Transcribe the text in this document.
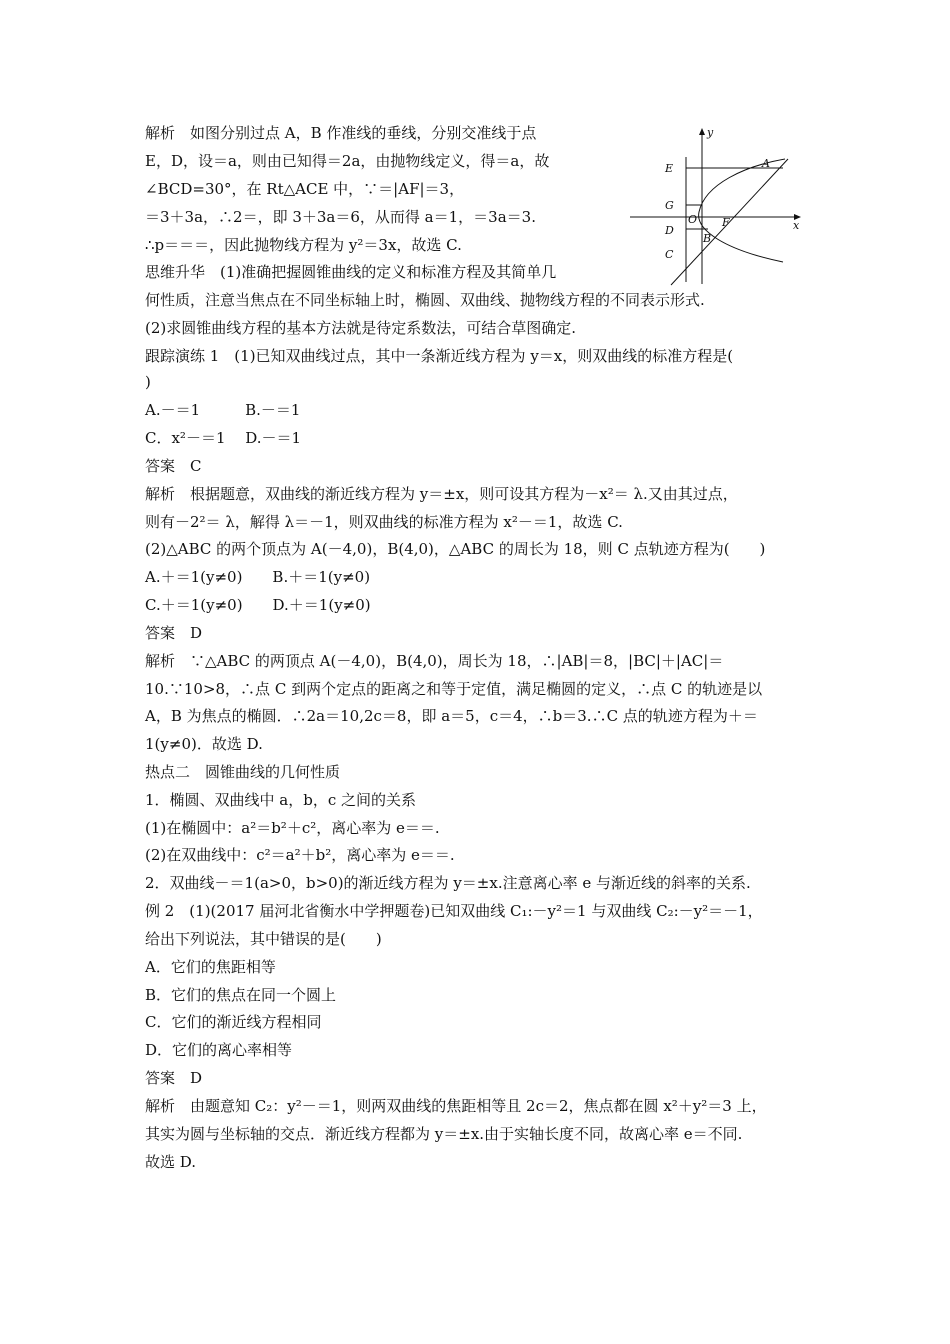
解析　如图分别过点 A，B 作准线的垂线，分别交准线于点
E，D，设＝a，则由已知得＝2a，由抛物线定义，得＝a，故
∠BCD=30°，在 Rt△ACE 中，∵＝|AF|＝3，
＝3＋3a，∴2＝，即 3＋3a＝6，从而得 a＝1，＝3a＝3.
∴p＝＝＝，因此抛物线方程为 y²＝3x，故选 C.
思维升华　(1)准确把握圆锥曲线的定义和标准方程及其简单几
何性质，注意当焦点在不同坐标轴上时，椭圆、双曲线、抛物线方程的不同表示形式.
(2)求圆锥曲线方程的基本方法就是待定系数法，可结合草图确定.
跟踪演练 1　(1)已知双曲线过点，其中一条渐近线方程为 y＝x，则双曲线的标准方程是(
)
A.－＝1　　　B.－＝1
C．x²－＝1　 D.－＝1
答案　C
解析　根据题意，双曲线的渐近线方程为 y＝±x，则可设其方程为－x²＝ λ.又由其过点，
则有－2²＝ λ，解得 λ＝－1，则双曲线的标准方程为 x²－＝1，故选 C.
(2)△ABC 的两个顶点为 A(－4,0)，B(4,0)，△ABC 的周长为 18，则 C 点轨迹方程为(　　)
A.＋＝1(y≠0)　　B.＋＝1(y≠0)
C.＋＝1(y≠0)　　D.＋＝1(y≠0)
答案　D
解析　∵△ABC 的两顶点 A(－4,0)，B(4,0)，周长为 18，∴|AB|＝8，|BC|＋|AC|＝
10.∵10>8，∴点 C 到两个定点的距离之和等于定值，满足椭圆的定义，∴点 C 的轨迹是以
A，B 为焦点的椭圆．∴2a＝10,2c＝8，即 a＝5，c＝4，∴b＝3.∴C 点的轨迹方程为＋＝
1(y≠0)．故选 D.
热点二　圆锥曲线的几何性质
1．椭圆、双曲线中 a，b，c 之间的关系
(1)在椭圆中：a²＝b²＋c²，离心率为 e＝＝.
(2)在双曲线中：c²＝a²＋b²，离心率为 e＝＝.
2．双曲线－＝1(a>0，b>0)的渐近线方程为 y＝±x.注意离心率 e 与渐近线的斜率的关系.
例 2　(1)(2017 届河北省衡水中学押题卷)已知双曲线 C₁:－y²＝1 与双曲线 C₂:－y²＝－1，
给出下列说法，其中错误的是(　　)
A．它们的焦距相等
B．它们的焦点在同一个圆上
C．它们的渐近线方程相同
D．它们的离心率相等
答案　D
解析　由题意知 C₂：y²－＝1，则两双曲线的焦距相等且 2c＝2，焦点都在圆 x²＋y²＝3 上，
其实为圆与坐标轴的交点．渐近线方程都为 y＝±x.由于实轴长度不同，故离心率 e＝不同.
故选 D.
y
x
E	A
G
O F
D
B
C
